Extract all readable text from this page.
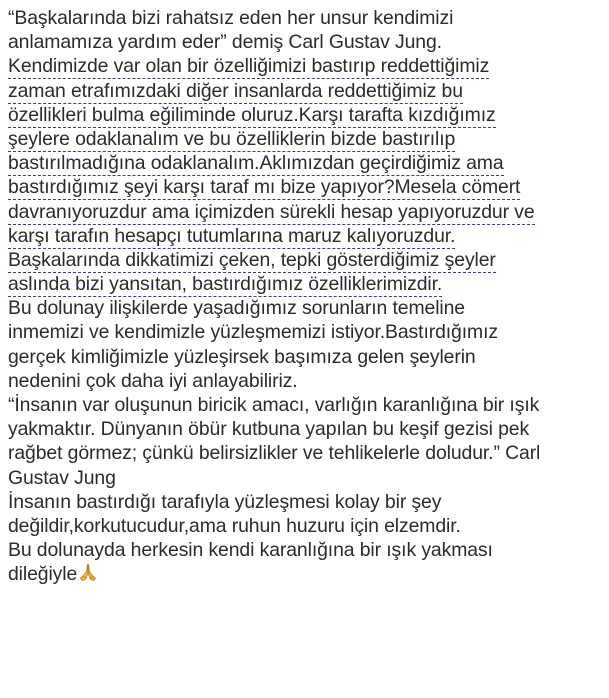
“Başkalarında bizi rahatsız eden her unsur kendimizi
anlamamıza yardım eder” demiş Carl Gustav Jung.
Kendimizde var olan bir özelliğimizi bastırıp reddettiğimiz
zaman etrafımızdaki diğer insanlarda reddettiğimiz bu
özellikleri bulma eğiliminde oluruz.Karşı tarafta kızdığımız
şeylere odaklanalım ve bu özelliklerin bizde bastırılıp
bastırılmadığına odaklanalım.Aklımızdan geçirdiğimiz ama
bastırdığımız şeyi karşı taraf mı bize yapıyor?Mesela cömert
davranıyoruzdur ama içimizden sürekli hesap yapıyoruzdur ve
karşı tarafın hesapçı tutumlarına maruz kalıyoruzdur.
Başkalarında dikkatimizi çeken, tepki gösterdiğimiz şeyler
aslında bizi yansıtan, bastırdığımız özelliklerimizdir.
Bu dolunay ilişkilerde yaşadığımız sorunların temeline
inmemizi ve kendimizle yüzleşmemizi istiyor.Bastırdığımız
gerçek kimliğimizle yüzleşirsek başımıza gelen şeylerin
nedenini çok daha iyi anlayabiliriz.
“İnsanın var oluşunun biricik amacı, varlığın karanlığına bir ışık
yakmaktır. Dünyanın öbür kutbuna yapılan bu keşif gezisi pek
rağbet görmez; çünkü belirsizlikler ve tehlikelerle doludur.” Carl
Gustav Jung
İnsanın bastırdığı tarafıyla yüzleşmesi kolay bir şey
değildir,korkutucudur,ama ruhun huzuru için elzemdir.
Bu dolunayda herkesin kendi karanlığına bir ışık yakması
dileğiyle
